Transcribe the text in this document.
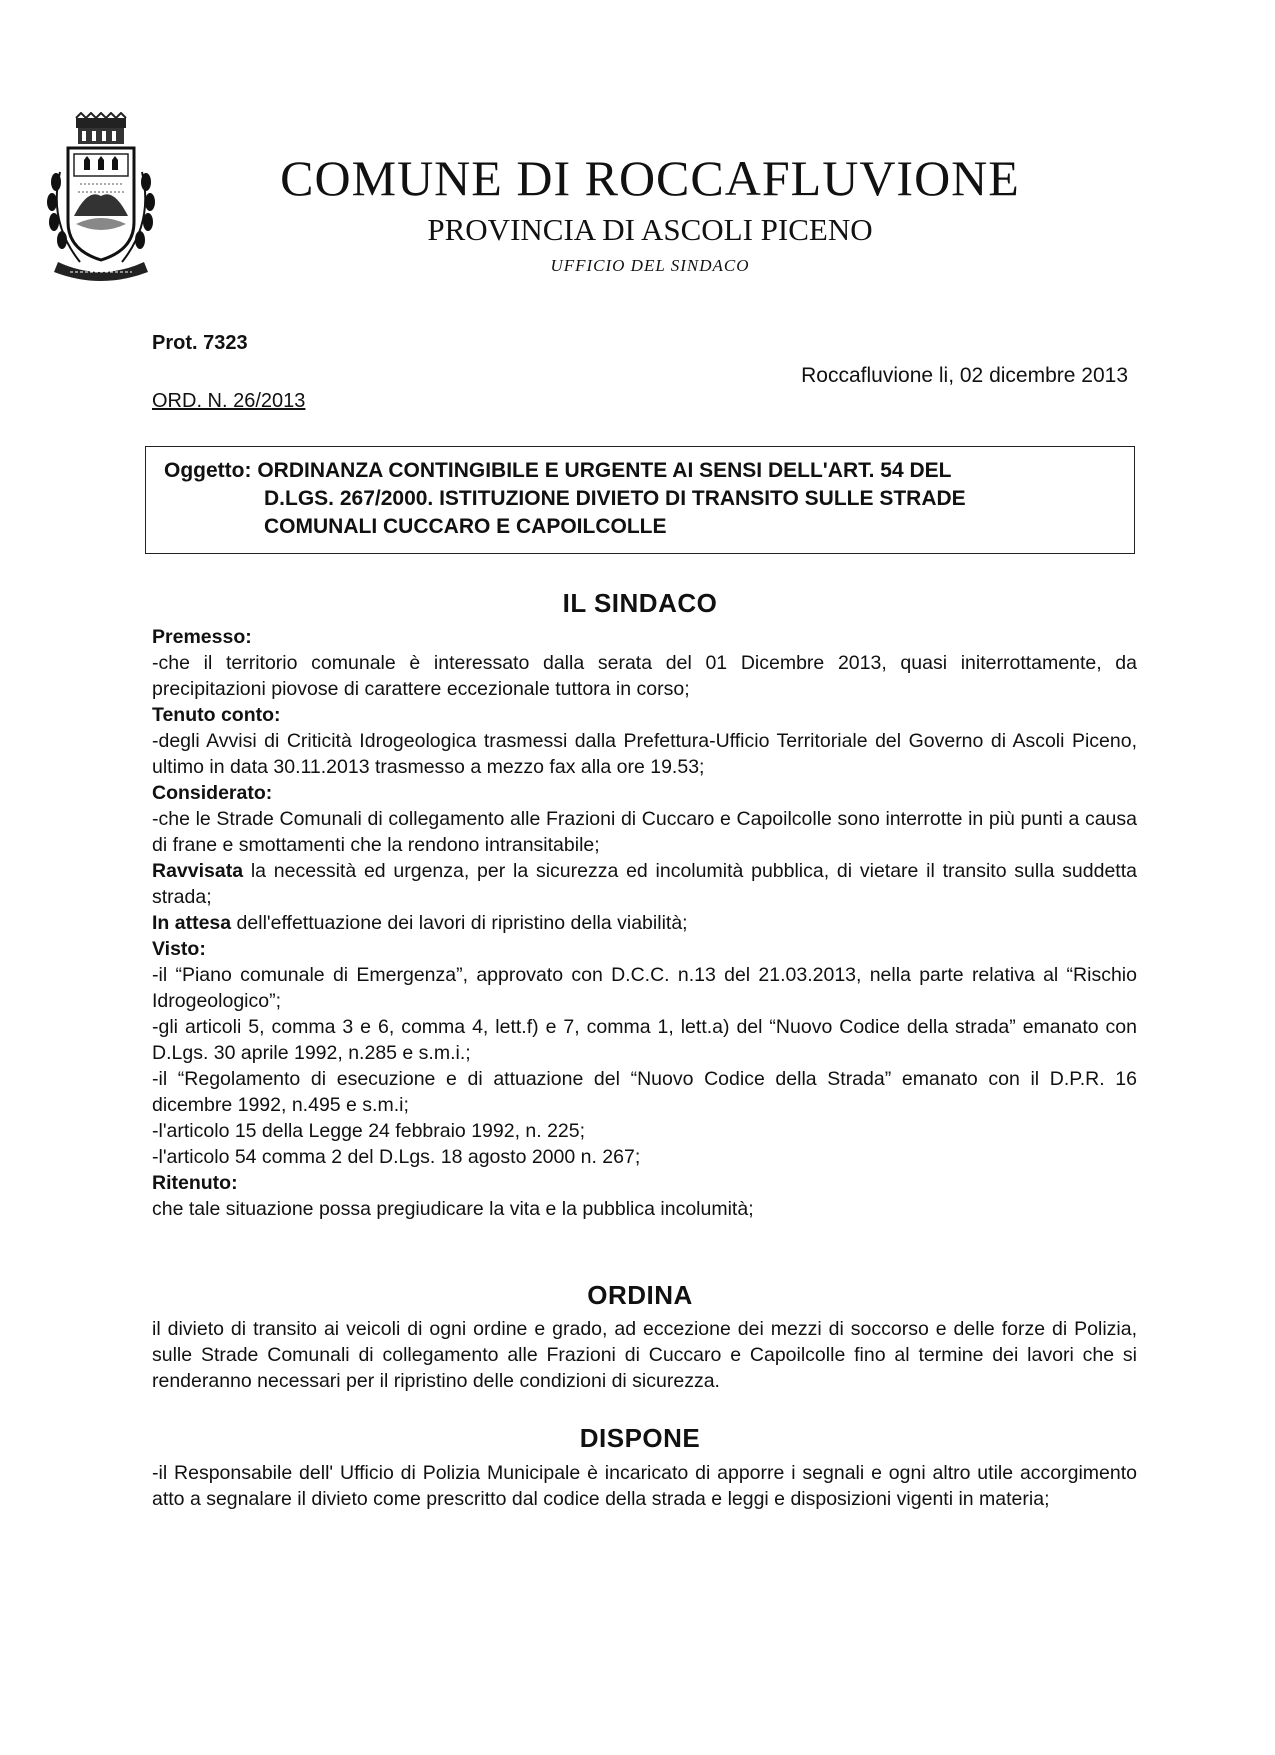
COMUNE DI ROCCAFLUVIONE
PROVINCIA DI ASCOLI PICENO
UFFICIO DEL SINDACO
Prot. 7323
ORD. N. 26/2013
Roccafluvione li, 02 dicembre 2013
Oggetto: ORDINANZA CONTINGIBILE E URGENTE AI SENSI DELL'ART. 54 DEL
D.LGS. 267/2000. ISTITUZIONE DIVIETO DI TRANSITO SULLE STRADE
COMUNALI CUCCARO E CAPOILCOLLE
IL SINDACO

Premesso:

-che il territorio comunale è interessato dalla serata del 01 Dicembre 2013, quasi initerrottamente, da precipitazioni piovose di carattere eccezionale tuttora in corso;

Tenuto conto:

-degli Avvisi di Criticità Idrogeologica trasmessi dalla Prefettura-Ufficio Territoriale del Governo di Ascoli Piceno, ultimo in data 30.11.2013 trasmesso a mezzo fax alla ore 19.53;

Considerato:

-che le Strade Comunali di collegamento alle Frazioni di Cuccaro e Capoilcolle sono interrotte in più punti a causa di frane e smottamenti che la rendono intransitabile;

Ravvisata la necessità ed urgenza, per la sicurezza ed incolumità pubblica, di vietare il transito sulla suddetta strada;

In attesa dell'effettuazione dei lavori di ripristino della viabilità;

Visto:

-il “Piano comunale di Emergenza”, approvato con D.C.C. n.13 del 21.03.2013, nella parte relativa al “Rischio Idrogeologico”;

-gli articoli 5, comma 3 e 6, comma 4, lett.f) e 7, comma 1, lett.a) del “Nuovo Codice della strada” emanato con D.Lgs. 30 aprile 1992, n.285 e s.m.i.;

-il “Regolamento di esecuzione e di attuazione del “Nuovo Codice della Strada” emanato con il D.P.R. 16 dicembre 1992, n.495 e s.m.i;

-l'articolo 15 della Legge 24 febbraio 1992, n. 225;

-l'articolo 54 comma 2 del D.Lgs. 18 agosto 2000 n. 267;

Ritenuto:

che tale situazione possa pregiudicare la vita e la pubblica incolumità;

ORDINA
il divieto di transito ai veicoli di ogni ordine e grado, ad eccezione dei mezzi di soccorso e delle forze di Polizia, sulle Strade Comunali di collegamento alle Frazioni di Cuccaro e Capoilcolle fino al termine dei lavori che si renderanno necessari per il ripristino delle condizioni di sicurezza.
DISPONE
-il Responsabile dell' Ufficio di Polizia Municipale è incaricato di apporre i segnali e ogni altro utile accorgimento atto a segnalare il divieto come prescritto dal codice della strada e leggi e disposizioni vigenti in materia;
